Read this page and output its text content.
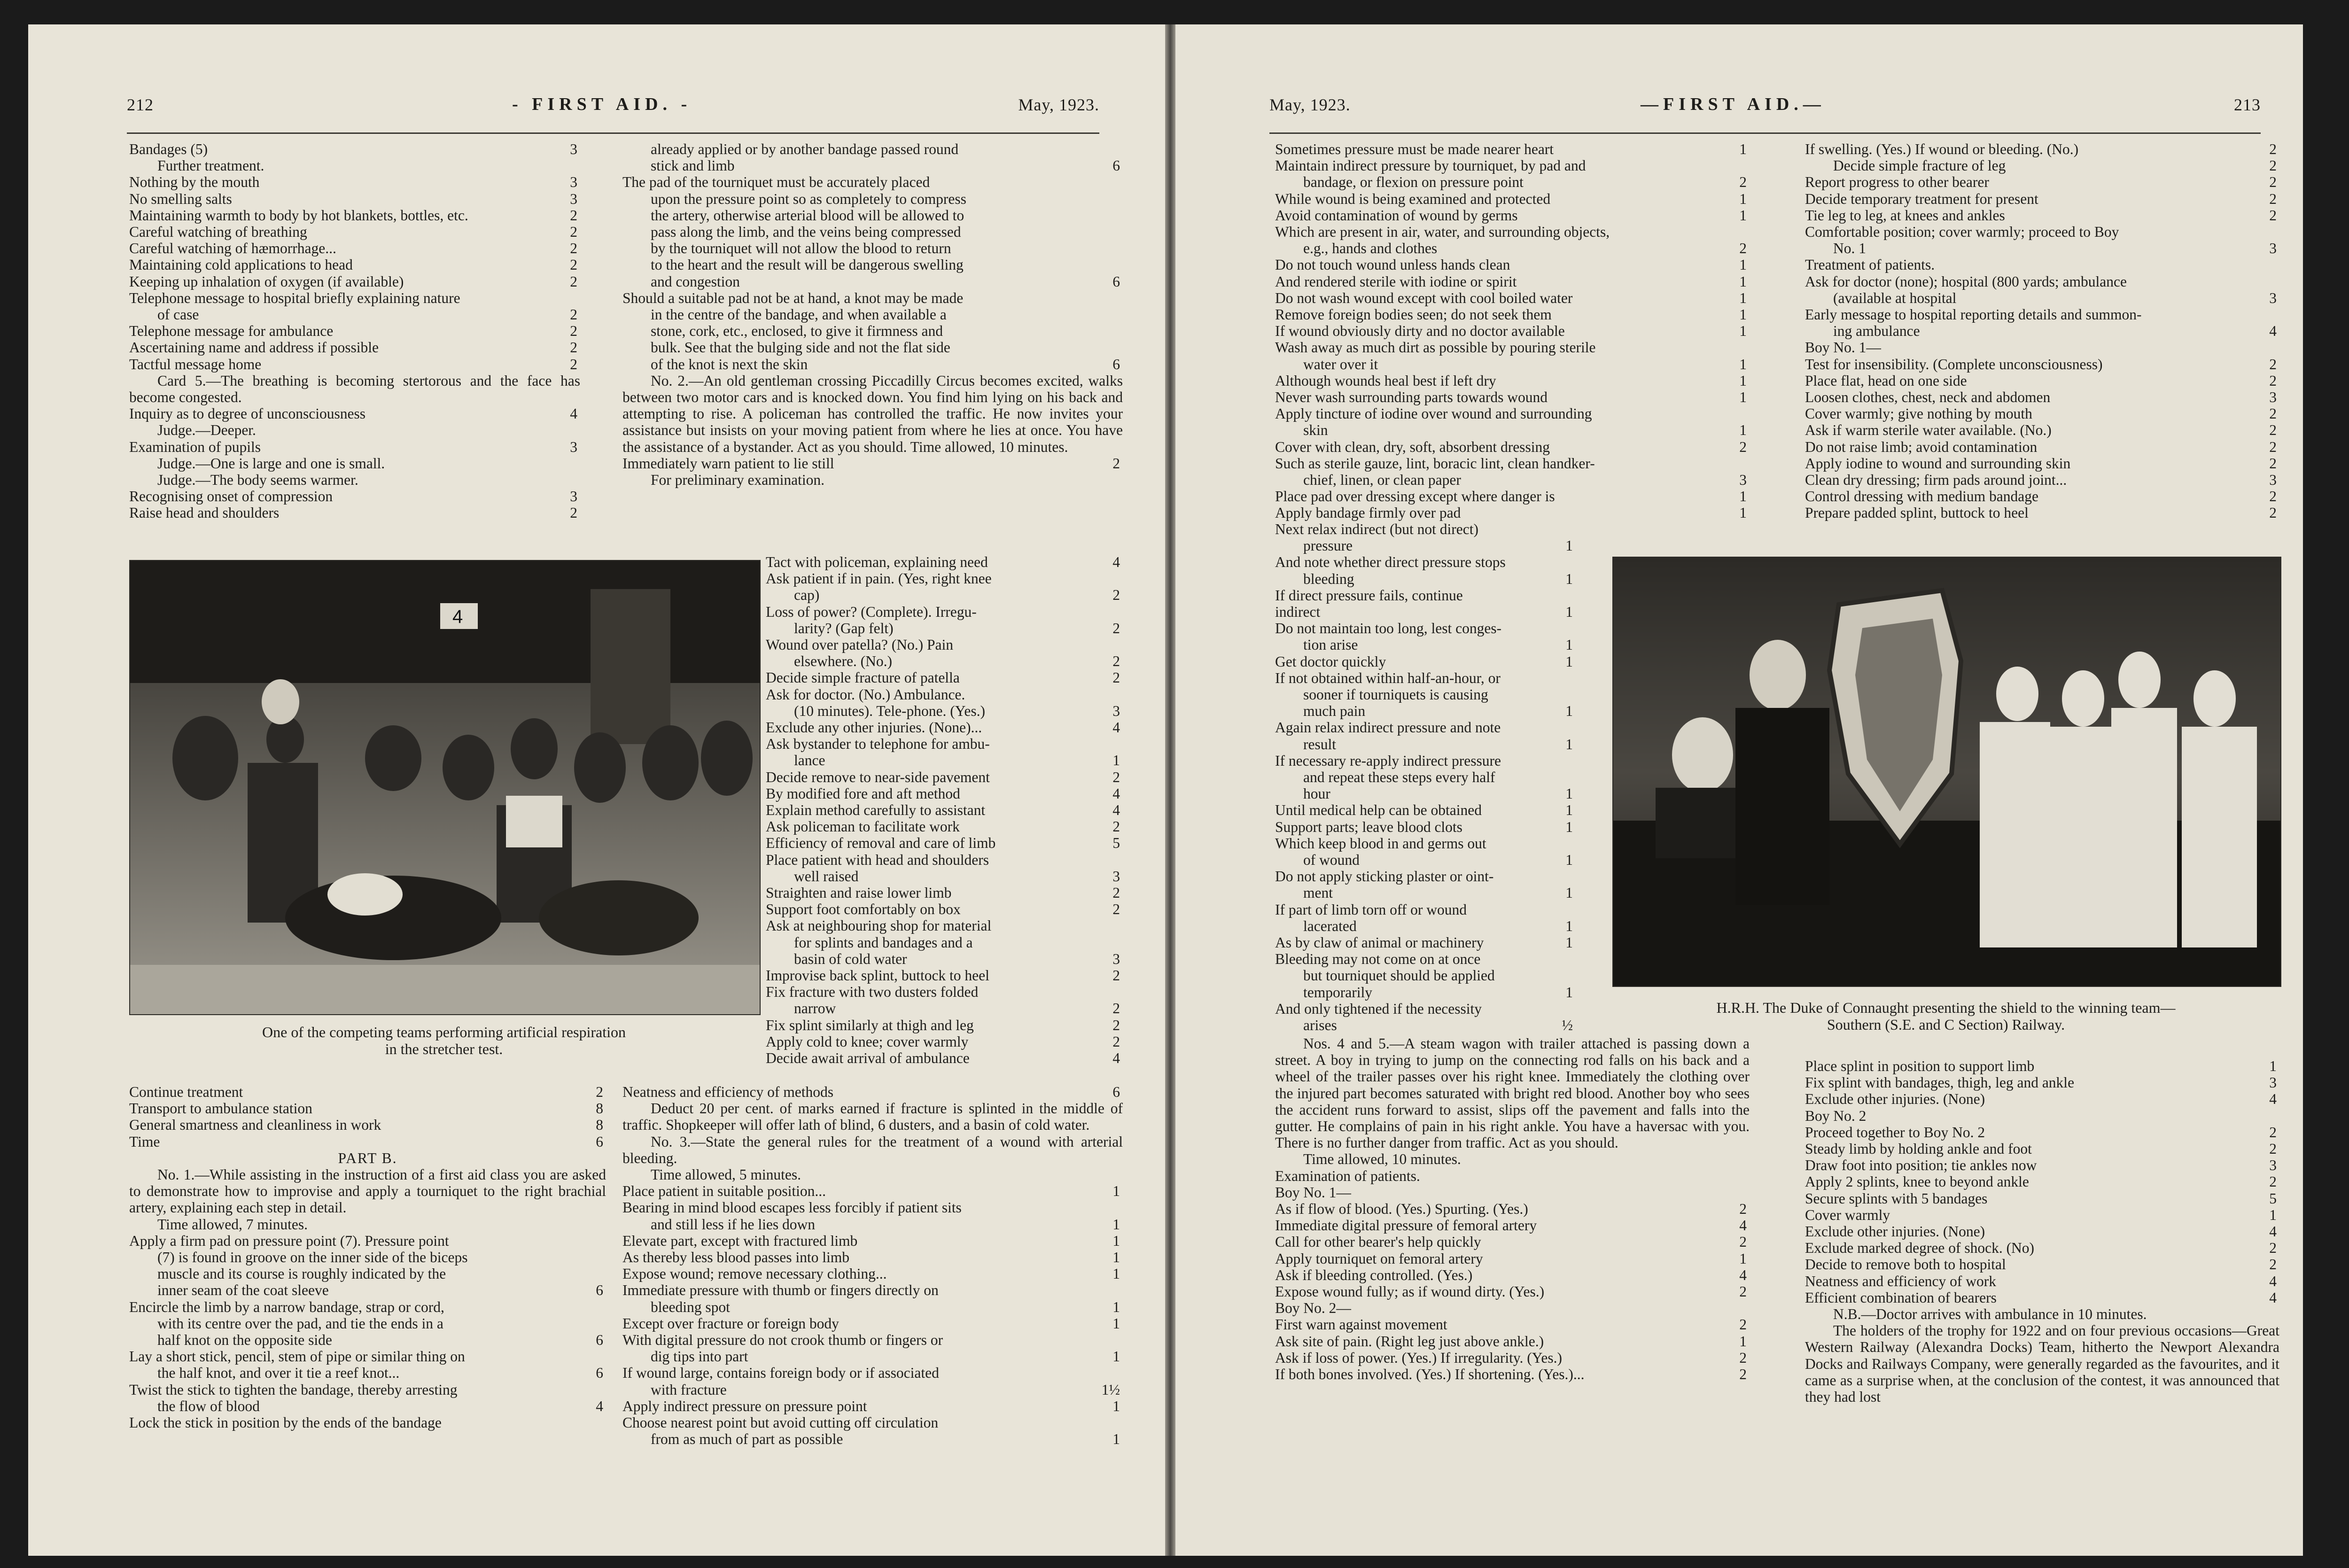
212	- FIRST AID. -	May, 1923.
Bandages (5)	3
Further treatment.
Nothing by the mouth	3
No smelling salts	3
Maintaining warmth to body by hot blankets, bottles, etc.	2
Careful watching of breathing	2
Careful watching of hæmorrhage...	2
Maintaining cold applications to head	2
Keeping up inhalation of oxygen (if available)	2
Telephone message to hospital briefly explaining nature
of case	2
Telephone message for ambulance	2
Ascertaining name and address if possible	2
Tactful message home	2
Card 5.—The breathing is becoming stertorous and the face has become congested.
Inquiry as to degree of unconsciousness	4
Judge.—Deeper.
Examination of pupils	3
Judge.—One is large and one is small.
Judge.—The body seems warmer.
Recognising onset of compression	3
Raise head and shoulders	2
4
One of the competing teams performing artificial respiration
in the stretcher test.
Continue treatment	2
Transport to ambulance station	8
General smartness and cleanliness in work	8
Time	6
PART B.
No. 1.—While assisting in the instruction of a first aid class you are asked to demonstrate how to improvise and apply a tourniquet to the right brachial artery, explaining each step in detail.
Time allowed, 7 minutes.
Apply a firm pad on pressure point (7). Pressure point
(7) is found in groove on the inner side of the biceps
muscle and its course is roughly indicated by the
inner seam of the coat sleeve	6
Encircle the limb by a narrow bandage, strap or cord,
with its centre over the pad, and tie the ends in a
half knot on the opposite side	6
Lay a short stick, pencil, stem of pipe or similar thing on
the half knot, and over it tie a reef knot...	6
Twist the stick to tighten the bandage, thereby arresting
the flow of blood	4
Lock the stick in position by the ends of the bandage
already applied or by another bandage passed round
stick and limb	6
The pad of the tourniquet must be accurately placed
upon the pressure point so as completely to compress
the artery, otherwise arterial blood will be allowed to
pass along the limb, and the veins being compressed
by the tourniquet will not allow the blood to return
to the heart and the result will be dangerous swelling
and congestion	6
Should a suitable pad not be at hand, a knot may be made
in the centre of the bandage, and when available a
stone, cork, etc., enclosed, to give it firmness and
bulk. See that the bulging side and not the flat side
of the knot is next the skin	6
No. 2.—An old gentleman crossing Piccadilly Circus becomes excited, walks between two motor cars and is knocked down. You find him lying on his back and attempting to rise. A policeman has controlled the traffic. He now invites your assistance but insists on your moving patient from where he lies at once. You have the assistance of a bystander. Act as you should. Time allowed, 10 minutes.
Immediately warn patient to lie still	2
For preliminary examination.
Tact with policeman, explaining need	4
Ask patient if in pain. (Yes, right knee
cap)	2
Loss of power? (Complete). Irregu-
larity? (Gap felt)	2
Wound over patella? (No.) Pain
elsewhere. (No.)	2
Decide simple fracture of patella	2
Ask for doctor. (No.) Ambulance.
(10 minutes). Tele-phone. (Yes.)	3
Exclude any other injuries. (None)...	4
Ask bystander to telephone for ambu-
lance	1
Decide remove to near-side pavement	2
By modified fore and aft method	4
Explain method carefully to assistant	4
Ask policeman to facilitate work	2
Efficiency of removal and care of limb	5
Place patient with head and shoulders
well raised	3
Straighten and raise lower limb	2
Support foot comfortably on box	2
Ask at neighbouring shop for material
for splints and bandages and a
basin of cold water	3
Improvise back splint, buttock to heel	2
Fix fracture with two dusters folded
narrow	2
Fix splint similarly at thigh and leg	2
Apply cold to knee; cover warmly	2
Decide await arrival of ambulance	4
Neatness and efficiency of methods	6
Deduct 20 per cent. of marks earned if fracture is splinted in the middle of traffic. Shopkeeper will offer lath of blind, 6 dusters, and a basin of cold water.
No. 3.—State the general rules for the treatment of a wound with arterial bleeding.
Time allowed, 5 minutes.
Place patient in suitable position...	1
Bearing in mind blood escapes less forcibly if patient sits
and still less if he lies down	1
Elevate part, except with fractured limb	1
As thereby less blood passes into limb	1
Expose wound; remove necessary clothing...	1
Immediate pressure with thumb or fingers directly on
bleeding spot	1
Except over fracture or foreign body	1
With digital pressure do not crook thumb or fingers or
dig tips into part	1
If wound large, contains foreign body or if associated
with fracture	1½
Apply indirect pressure on pressure point	1
Choose nearest point but avoid cutting off circulation
from as much of part as possible	1
May, 1923.	—FIRST AID.—	213
Sometimes pressure must be made nearer heart	1
Maintain indirect pressure by tourniquet, by pad and
bandage, or flexion on pressure point	2
While wound is being examined and protected	1
Avoid contamination of wound by germs	1
Which are present in air, water, and surrounding objects,
e.g., hands and clothes	2
Do not touch wound unless hands clean	1
And rendered sterile with iodine or spirit	1
Do not wash wound except with cool boiled water	1
Remove foreign bodies seen; do not seek them	1
If wound obviously dirty and no doctor available	1
Wash away as much dirt as possible by pouring sterile
water over it	1
Although wounds heal best if left dry	1
Never wash surrounding parts towards wound	1
Apply tincture of iodine over wound and surrounding
skin	1
Cover with clean, dry, soft, absorbent dressing	2
Such as sterile gauze, lint, boracic lint, clean handker-
chief, linen, or clean paper	3
Place pad over dressing except where danger is	1
Apply bandage firmly over pad	1
Next relax indirect (but not direct)
pressure	1
And note whether direct pressure stops
bleeding	1
If direct pressure fails, continue
indirect	1
Do not maintain too long, lest conges-
tion arise	1
Get doctor quickly	1
If not obtained within half-an-hour, or
sooner if tourniquets is causing
much pain	1
Again relax indirect pressure and note
result	1
If necessary re-apply indirect pressure
and repeat these steps every half
hour	1
Until medical help can be obtained	1
Support parts; leave blood clots	1
Which keep blood in and germs out
of wound	1
Do not apply sticking plaster or oint-
ment	1
If part of limb torn off or wound
lacerated	1
As by claw of animal or machinery	1
Bleeding may not come on at once
but tourniquet should be applied
temporarily	1
And only tightened if the necessity
arises	½
Nos. 4 and 5.—A steam wagon with trailer attached is passing down a street. A boy in trying to jump on the connecting rod falls on his back and a wheel of the trailer passes over his right knee. Immediately the clothing over the injured part becomes saturated with bright red blood. Another boy who sees the accident runs forward to assist, slips off the pavement and falls into the gutter. He complains of pain in his right ankle. You have a haversac with you. There is no further danger from traffic. Act as you should.
Time allowed, 10 minutes.
Examination of patients.
Boy No. 1—
As if flow of blood. (Yes.) Spurting. (Yes.)	2
Immediate digital pressure of femoral artery	4
Call for other bearer's help quickly	2
Apply tourniquet on femoral artery	1
Ask if bleeding controlled. (Yes.)	4
Expose wound fully; as if wound dirty. (Yes.)	2
Boy No. 2—
First warn against movement	2
Ask site of pain. (Right leg just above ankle.)	1
Ask if loss of power. (Yes.) If irregularity. (Yes.)	2
If both bones involved. (Yes.) If shortening. (Yes.)...	2
If swelling. (Yes.) If wound or bleeding. (No.)	2
Decide simple fracture of leg	2
Report progress to other bearer	2
Decide temporary treatment for present	2
Tie leg to leg, at knees and ankles	2
Comfortable position; cover warmly; proceed to Boy
No. 1	3
Treatment of patients.
Ask for doctor (none); hospital (800 yards; ambulance
(available at hospital	3
Early message to hospital reporting details and summon-
ing ambulance	4
Boy No. 1—
Test for insensibility. (Complete unconsciousness)	2
Place flat, head on one side	2
Loosen clothes, chest, neck and abdomen	3
Cover warmly; give nothing by mouth	2
Ask if warm sterile water available. (No.)	2
Do not raise limb; avoid contamination	2
Apply iodine to wound and surrounding skin	2
Clean dry dressing; firm pads around joint...	3
Control dressing with medium bandage	2
Prepare padded splint, buttock to heel	2
H.R.H. The Duke of Connaught presenting the shield to the winning team—
Southern (S.E. and C Section) Railway.
Place splint in position to support limb	1
Fix splint with bandages, thigh, leg and ankle	3
Exclude other injuries. (None)	4
Boy No. 2
Proceed together to Boy No. 2	2
Steady limb by holding ankle and foot	2
Draw foot into position; tie ankles now	3
Apply 2 splints, knee to beyond ankle	2
Secure splints with 5 bandages	5
Cover warmly	1
Exclude other injuries. (None)	4
Exclude marked degree of shock. (No)	2
Decide to remove both to hospital	2
Neatness and efficiency of work	4
Efficient combination of bearers	4
N.B.—Doctor arrives with ambulance in 10 minutes.
The holders of the trophy for 1922 and on four previous occasions—Great Western Railway (Alexandra Docks) Team, hitherto the Newport Alexandra Docks and Railways Company, were generally regarded as the favourites, and it came as a surprise when, at the conclusion of the contest, it was announced that they had lost
